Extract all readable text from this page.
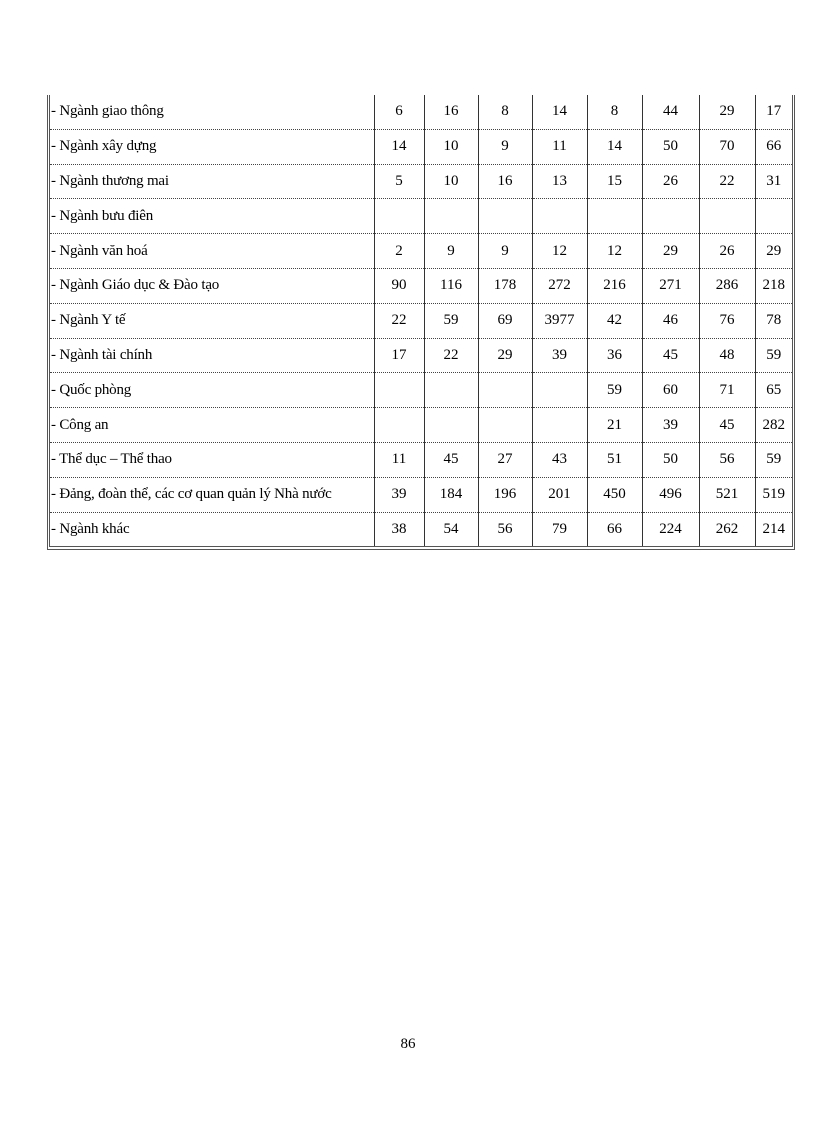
- Ngành giao thông	6	16	8	14	8	44	29	17
- Ngành xây dựng	14	10	9	11	14	50	70	66
- Ngành thương mai	5	10	16	13	15	26	22	31
- Ngành bưu điên								
- Ngành văn hoá	2	9	9	12	12	29	26	29
- Ngành Giáo dục & Đào tạo	90	116	178	272	216	271	286	218
- Ngành Y tế	22	59	69	3977	42	46	76	78
- Ngành tài chính	17	22	29	39	36	45	48	59
- Quốc phòng					59	60	71	65
- Công an					21	39	45	282
- Thể dục – Thể thao	11	45	27	43	51	50	56	59
- Đảng, đoàn thể, các cơ quan quản lý Nhà nước	39	184	196	201	450	496	521	519
- Ngành khác	38	54	56	79	66	224	262	214
86
